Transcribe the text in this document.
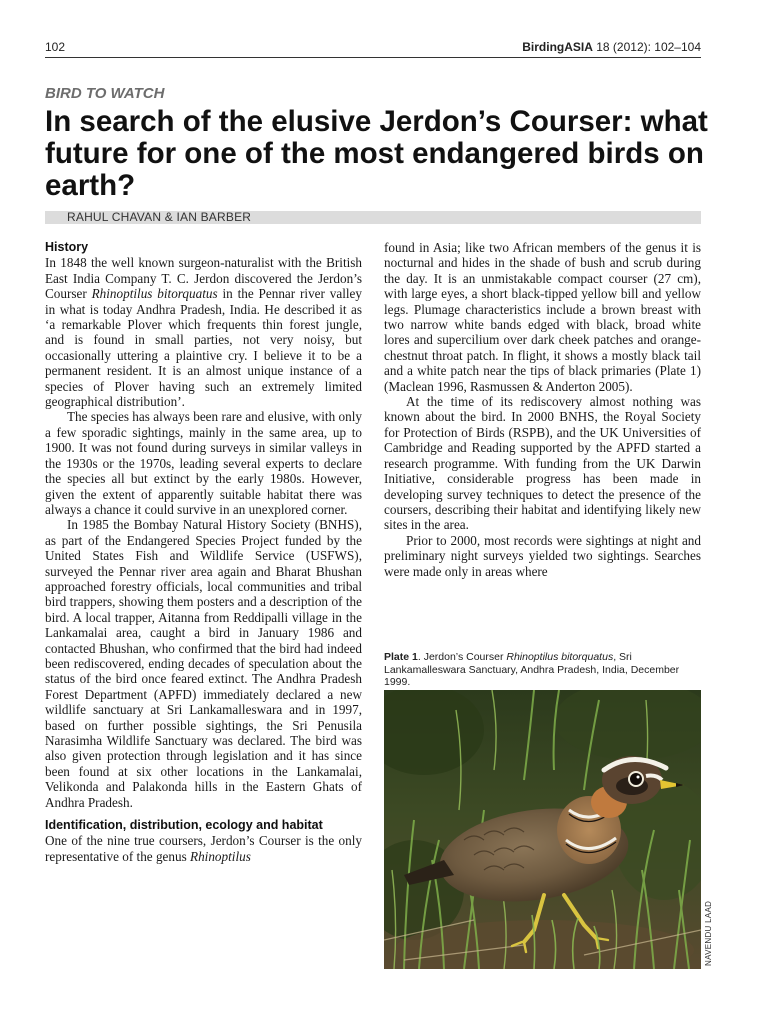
102	BirdingASIA 18 (2012): 102–104
BIRD TO WATCH
In search of the elusive Jerdon’s Courser: what future for one of the most endangered birds on earth?
RAHUL CHAVAN & IAN BARBER
History

In 1848 the well known surgeon-naturalist with the British East India Company T. C. Jerdon discovered the Jerdon’s Courser Rhinoptilus bitorquatus in the Pennar river valley in what is today Andhra Pradesh, India. He described it as ‘a remarkable Plover which frequents thin forest jungle, and is found in small parties, not very noisy, but occasionally uttering a plaintive cry. I believe it to be a permanent resident. It is an almost unique instance of a species of Plover having such an extremely limited geographical distribution’.

The species has always been rare and elusive, with only a few sporadic sightings, mainly in the same area, up to 1900. It was not found during surveys in similar valleys in the 1930s or the 1970s, leading several experts to declare the species all but extinct by the early 1980s. However, given the extent of apparently suitable habitat there was always a chance it could survive in an unexplored corner.

In 1985 the Bombay Natural History Society (BNHS), as part of the Endangered Species Project funded by the United States Fish and Wildlife Service (USFWS), surveyed the Pennar river area again and Bharat Bhushan approached forestry officials, local communities and tribal bird trappers, showing them posters and a description of the bird. A local trapper, Aitanna from Reddipalli village in the Lankamalai area, caught a bird in January 1986 and contacted Bhushan, who confirmed that the bird had indeed been rediscovered, ending decades of speculation about the status of the bird once feared extinct. The Andhra Pradesh Forest Department (APFD) immediately declared a new wildlife sanctuary at Sri Lankamalleswara and in 1997, based on further possible sightings, the Sri Penusila Narasimha Wildlife Sanctuary was declared. The bird was also given protection through legislation and it has since been found at six other locations in the Lankamalai, Velikonda and Palakonda hills in the Eastern Ghats of Andhra Pradesh.

Identification, distribution, ecology and habitat

One of the nine true coursers, Jerdon’s Courser is the only representative of the genus Rhinoptilus

found in Asia; like two African members of the genus it is nocturnal and hides in the shade of bush and scrub during the day. It is an unmistakable compact courser (27 cm), with large eyes, a short black-tipped yellow bill and yellow legs. Plumage characteristics include a brown breast with two narrow white bands edged with black, broad white lores and supercilium over dark cheek patches and orange-chestnut throat patch. In flight, it shows a mostly black tail and a white patch near the tips of black primaries (Plate 1) (Maclean 1996, Rasmussen & Anderton 2005).

At the time of its rediscovery almost nothing was known about the bird. In 2000 BNHS, the Royal Society for Protection of Birds (RSPB), and the UK Universities of Cambridge and Reading supported by the APFD started a research programme. With funding from the UK Darwin Initiative, considerable progress has been made in developing survey techniques to detect the presence of the coursers, describing their habitat and identifying likely new sites in the area.

Prior to 2000, most records were sightings at night and preliminary night surveys yielded two sightings. Searches were made only in areas where

Plate 1. Jerdon’s Courser Rhinoptilus bitorquatus, Sri Lankamalleswara Sanctuary, Andhra Pradesh, India, December 1999.
NAVENDU LAAD
